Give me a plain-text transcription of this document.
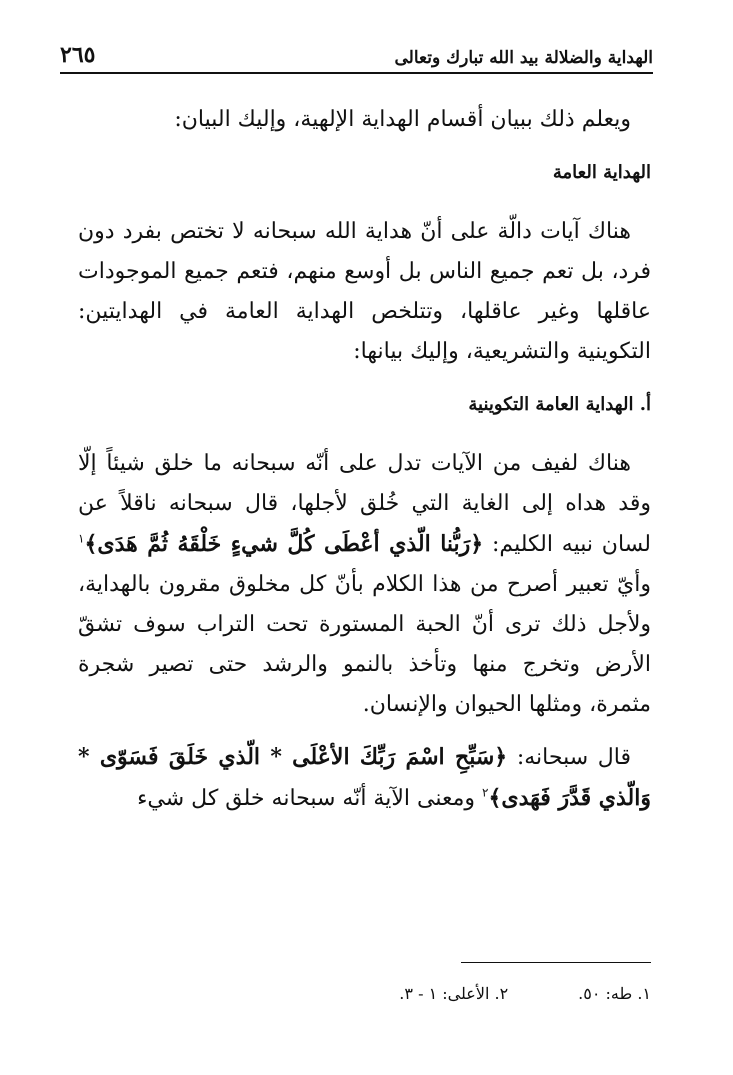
الهداية والضلالة بيد الله تبارك وتعالى
٢٦٥

ويعلم ذلك ببيان أقسام الهداية الإلهية، وإليك البيان:

الهداية العامة

هناك آيات دالّة على أنّ هداية الله سبحانه لا تختص بفرد دون فرد، بل تعم جميع الناس بل أوسع منهم، فتعم جميع الموجودات عاقلها وغير عاقلها، وتتلخص الهداية العامة في الهدايتين: التكوينية والتشريعية، وإليك بيانها:

أ. الهداية العامة التكوينية

هناك لفيف من الآيات تدل على أنّه سبحانه ما خلق شيئاً إلّا وقد هداه إلى الغاية التي خُلق لأجلها، قال سبحانه ناقلاً عن لسان نبيه الكليم: ﴿رَبُّنا الّذي أعْطَى كُلَّ شيءٍ خَلْقَهُ ثُمَّ هَدَى﴾$^١$ وأيّ تعبير أصرح من هذا الكلام بأنّ كل مخلوق مقرون بالهداية، ولأجل ذلك ترى أنّ الحبة المستورة تحت التراب سوف تشقّ الأرض وتخرج منها وتأخذ بالنمو والرشد حتى تصير شجرة مثمرة، ومثلها الحيوان والإنسان.

قال سبحانه: ﴿سَبِّحِ اسْمَ رَبِّكَ الأعْلَى * الّذي خَلَقَ فَسَوّى * وَالّذي قَدَّرَ فَهَدى﴾$^٢$ ومعنى الآية أنّه سبحانه خلق كل شيء

١. طه: ٥٠.
٢. الأعلى: ١ - ٣.
